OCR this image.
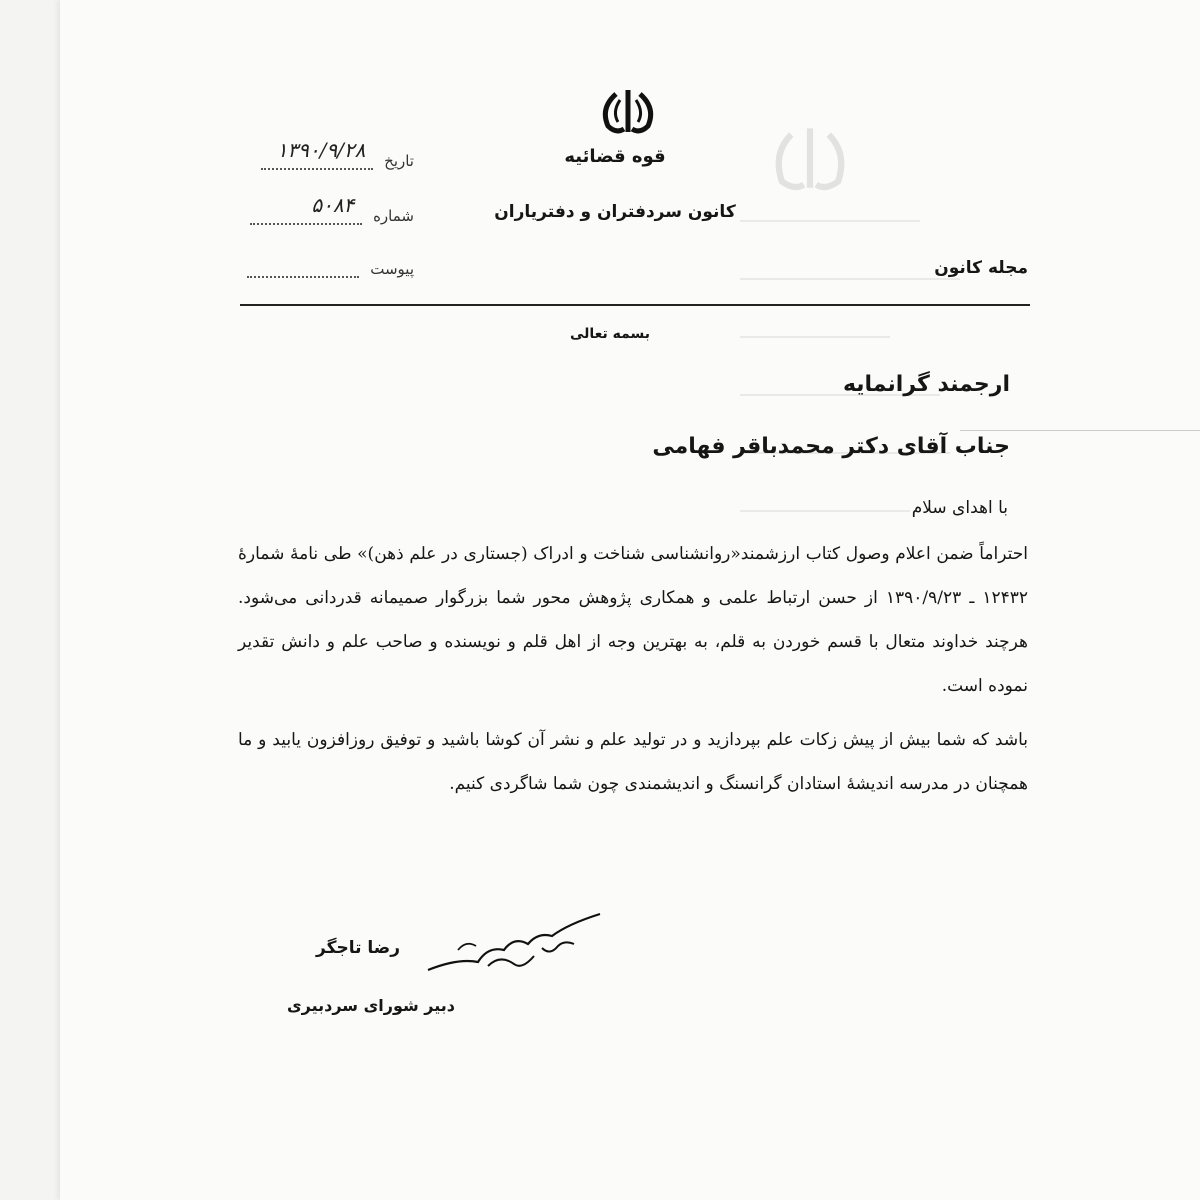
قوه قضائیه
کانون سردفتران و دفتریاران
مجله کانون
تاریخ
۱۳۹۰/۹/۲۸
شماره
۵۰۸۴
پیوست
بسمه تعالی
ارجمند گرانمایه
جناب آقای دکتر محمدباقر فهامی
با اهدای سلام

احتراماً ضمن اعلام وصول کتاب ارزشمند«روانشناسی شناخت و ادراک (جستاری در علم ذهن)» طی نامهٔ شمارهٔ ۱۲۴۳۲ ـ ۱۳۹۰/۹/۲۳ از حسن ارتباط علمی و همکاری پژوهش محور شما بزرگوار صمیمانه قدردانی می‌شود. هرچند خداوند متعال با قسم خوردن به قلم، به بهترین وجه از اهل قلم و نویسنده و صاحب علم و دانش تقدیر نموده است.

باشد که شما بیش از پیش زکات علم بپردازید و در تولید علم و نشر آن کوشا باشید و توفیق روزافزون یابید و ما همچنان در مدرسه اندیشهٔ استادان گرانسنگ و اندیشمندی چون شما شاگردی کنیم.

رضا تاجگر
دبیر شورای سردبیری
